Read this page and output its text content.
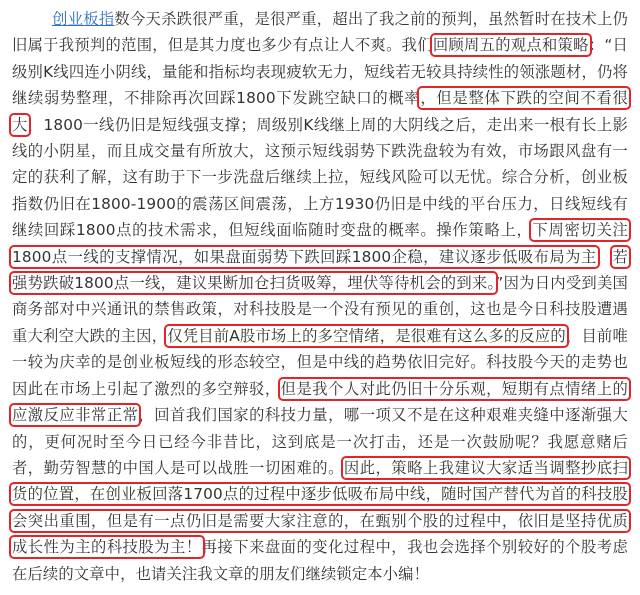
创业板指数今天杀跌很严重，是很严重，超出了我之前的预判，虽然暂时在技术上仍旧属于我预判的范围，但是其力度也多少有点让人不爽。我们回顾周五的观点和策略：“日级别K线四连小阴线，量能和指标均表现疲软无力，短线若无较具持续性的领涨题材，仍将继续弱势整理，不排除再次回踩1800下发跳空缺口的概率，但是整体下跌的空间不看很大，1800一线仍旧是短线强支撑；周级别K线继上周的大阴线之后，走出来一根有长上影线的小阴星，而且成交量有所放大，这预示短线弱势下跌洗盘较为有效，市场跟风盘有一定的获利了解，这有助于下一步洗盘后继续上拉，短线风险可以无忧。综合分析，创业板指数仍旧在1800-1900的震荡区间震荡，上方1930仍旧是中线的平台压力，日线短线有继续回踩1800点的技术需求，但短线面临随时变盘的概率。操作策略上，下周密切关注1800点一线的支撑情况，如果盘面弱势下跌回踩1800企稳，建议逐步低吸布局为主，若强势跌破1800点一线，建议果断加仓扫货吸筹，埋伏等待机会的到来。”因为日内受到美国商务部对中兴通讯的禁售政策，对科技股是一个没有预见的重创，这也是今日科技股遭遇重大利空大跌的主因，仅凭目前A股市场上的多空情绪，是很难有这么多的反应的，目前唯一较为庆幸的是创业板短线的形态较空，但是中线的趋势依旧完好。科技股今天的走势也因此在市场上引起了激烈的多空辩驳，但是我个人对此仍旧十分乐观，短期有点情绪上的应激反应非常正常，回首我们国家的科技力量，哪一项又不是在这种艰难夹缝中逐渐强大的，更何况时至今日已经今非昔比，这到底是一次打击，还是一次鼓励呢？我愿意赌后者，勤劳智慧的中国人是可以战胜一切困难的。因此，策略上我建议大家适当调整抄底扫货的位置，在创业板回落1700点的过程中逐步低吸布局中线，随时国产替代为首的科技股会突出重围，但是有一点仍旧是需要大家注意的，在甄别个股的过程中，依旧是坚持优质成长性为主的科技股为主！再接下来盘面的变化过程中，我也会选择个别较好的个股考虑在后续的文章中，也请关注我文章的朋友们继续锁定本小编！
